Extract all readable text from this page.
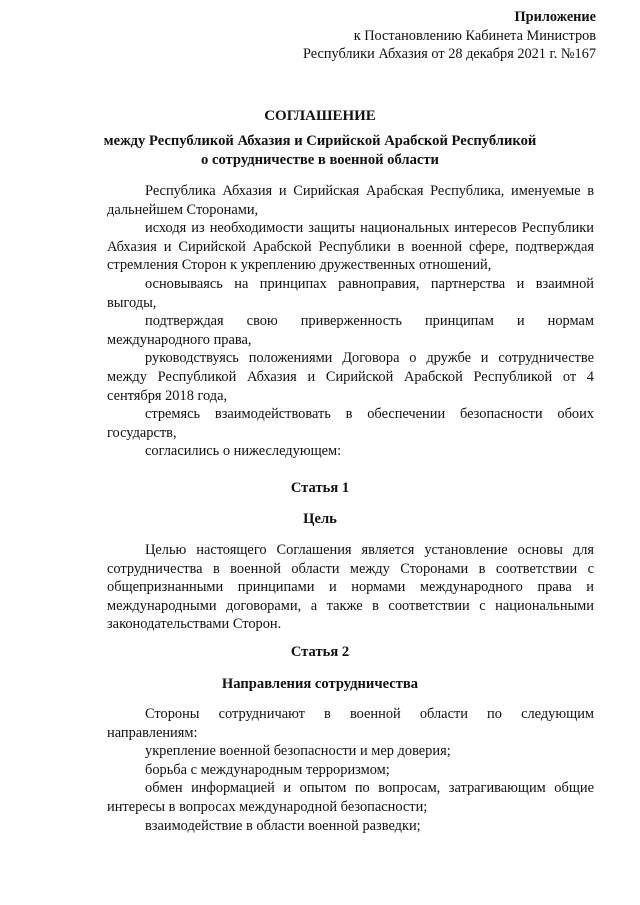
Приложение
к Постановлению Кабинета Министров
Республики Абхазия от 28 декабря 2021 г. №167
СОГЛАШЕНИЕ
между Республикой Абхазия и Сирийской Арабской Республикой
о сотрудничестве в военной области

Республика Абхазия и Сирийская Арабская Республика, именуемые в дальнейшем Сторонами,

исходя из необходимости защиты национальных интересов Республики Абхазия и Сирийской Арабской Республики в военной сфере, подтверждая стремления Сторон к укреплению дружественных отношений,

основываясь на принципах равноправия, партнерства и взаимной выгоды,

подтверждая свою приверженность принципам и нормам международного права,

руководствуясь положениями Договора о дружбе и сотрудничестве между Республикой Абхазия и Сирийской Арабской Республикой от 4 сентября 2018 года,

стремясь взаимодействовать в обеспечении безопасности обоих государств,

согласились о нижеследующем:

Статья 1
Цель

Целью настоящего Соглашения является установление основы для сотрудничества в военной области между Сторонами в соответствии с общепризнанными принципами и нормами международного права и международными договорами, а также в соответствии с национальными законодательствами Сторон.

Статья 2
Направления сотрудничества

Стороны сотрудничают в военной области по следующим направлениям:

укрепление военной безопасности и мер доверия;

борьба с международным терроризмом;

обмен информацией и опытом по вопросам, затрагивающим общие интересы в вопросах международной безопасности;

взаимодействие в области военной разведки;
